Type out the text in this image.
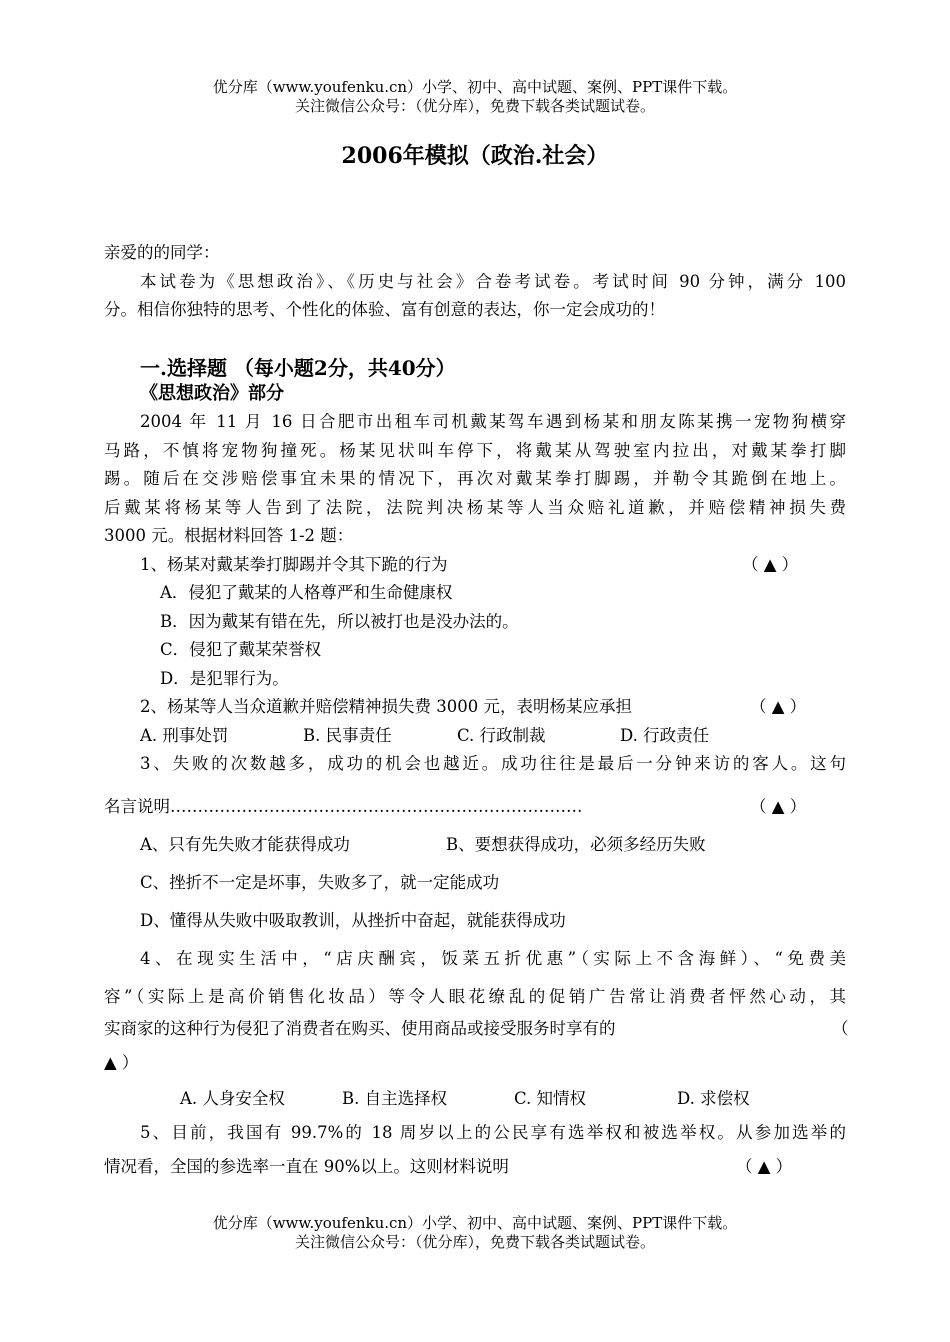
优分库（www.youfenku.cn）小学、初中、高中试题、案例、PPT课件下载。
关注微信公众号：（优分库），免费下载各类试题试卷。
2006年模拟（政治.社会）
亲爱的的同学：
本试卷为《思想政治》、《历史与社会》合卷考试卷。考试时间 90 分钟，满分 100
分。相信你独特的思考、个性化的体验、富有创意的表达，你一定会成功的！
一.选择题 （每小题2分，共40分）
《思想政治》部分
2004 年 11 月 16 日合肥市出租车司机戴某驾车遇到杨某和朋友陈某携一宠物狗横穿
马路，不慎将宠物狗撞死。杨某见状叫车停下，将戴某从驾驶室内拉出，对戴某拳打脚
踢。随后在交涉赔偿事宜未果的情况下，再次对戴某拳打脚踢，并勒令其跪倒在地上。
后戴某将杨某等人告到了法院，法院判决杨某等人当众赔礼道歉，并赔偿精神损失费
3000 元。根据材料回答 1-2 题：
1、杨某对戴某拳打脚踢并令其下跪的行为	（ ▲ ）
A．侵犯了戴某的人格尊严和生命健康权
B．因为戴某有错在先，所以被打也是没办法的。
C．侵犯了戴某荣誉权
D．是犯罪行为。
2、杨某等人当众道歉并赔偿精神损失费 3000 元，表明杨某应承担	（ ▲ ）
A. 刑事处罚	B. 民事责任	C. 行政制裁	D. 行政责任
3、失败的次数越多，成功的机会也越近。成功往往是最后一分钟来访的客人。这句
名言说明…………………………………………………………………	（ ▲ ）
A、只有先失败才能获得成功	B、要想获得成功，必须多经历失败
C、挫折不一定是坏事，失败多了，就一定能成功
D、懂得从失败中吸取教训，从挫折中奋起，就能获得成功
4、在现实生活中，“店庆酬宾，饭菜五折优惠”（实际上不含海鲜）、“免费美
容”（实际上是高价销售化妆品）等令人眼花缭乱的促销广告常让消费者怦然心动，其
实商家的这种行为侵犯了消费者在购买、使用商品或接受服务时享有的	（
▲ ）
A. 人身安全权	B. 自主选择权	C. 知情权	D. 求偿权
5、目前，我国有 99.7%的 18 周岁以上的公民享有选举权和被选举权。从参加选举的
情况看，全国的参选率一直在 90%以上。这则材料说明	（ ▲ ）
优分库（www.youfenku.cn）小学、初中、高中试题、案例、PPT课件下载。
关注微信公众号：（优分库），免费下载各类试题试卷。
